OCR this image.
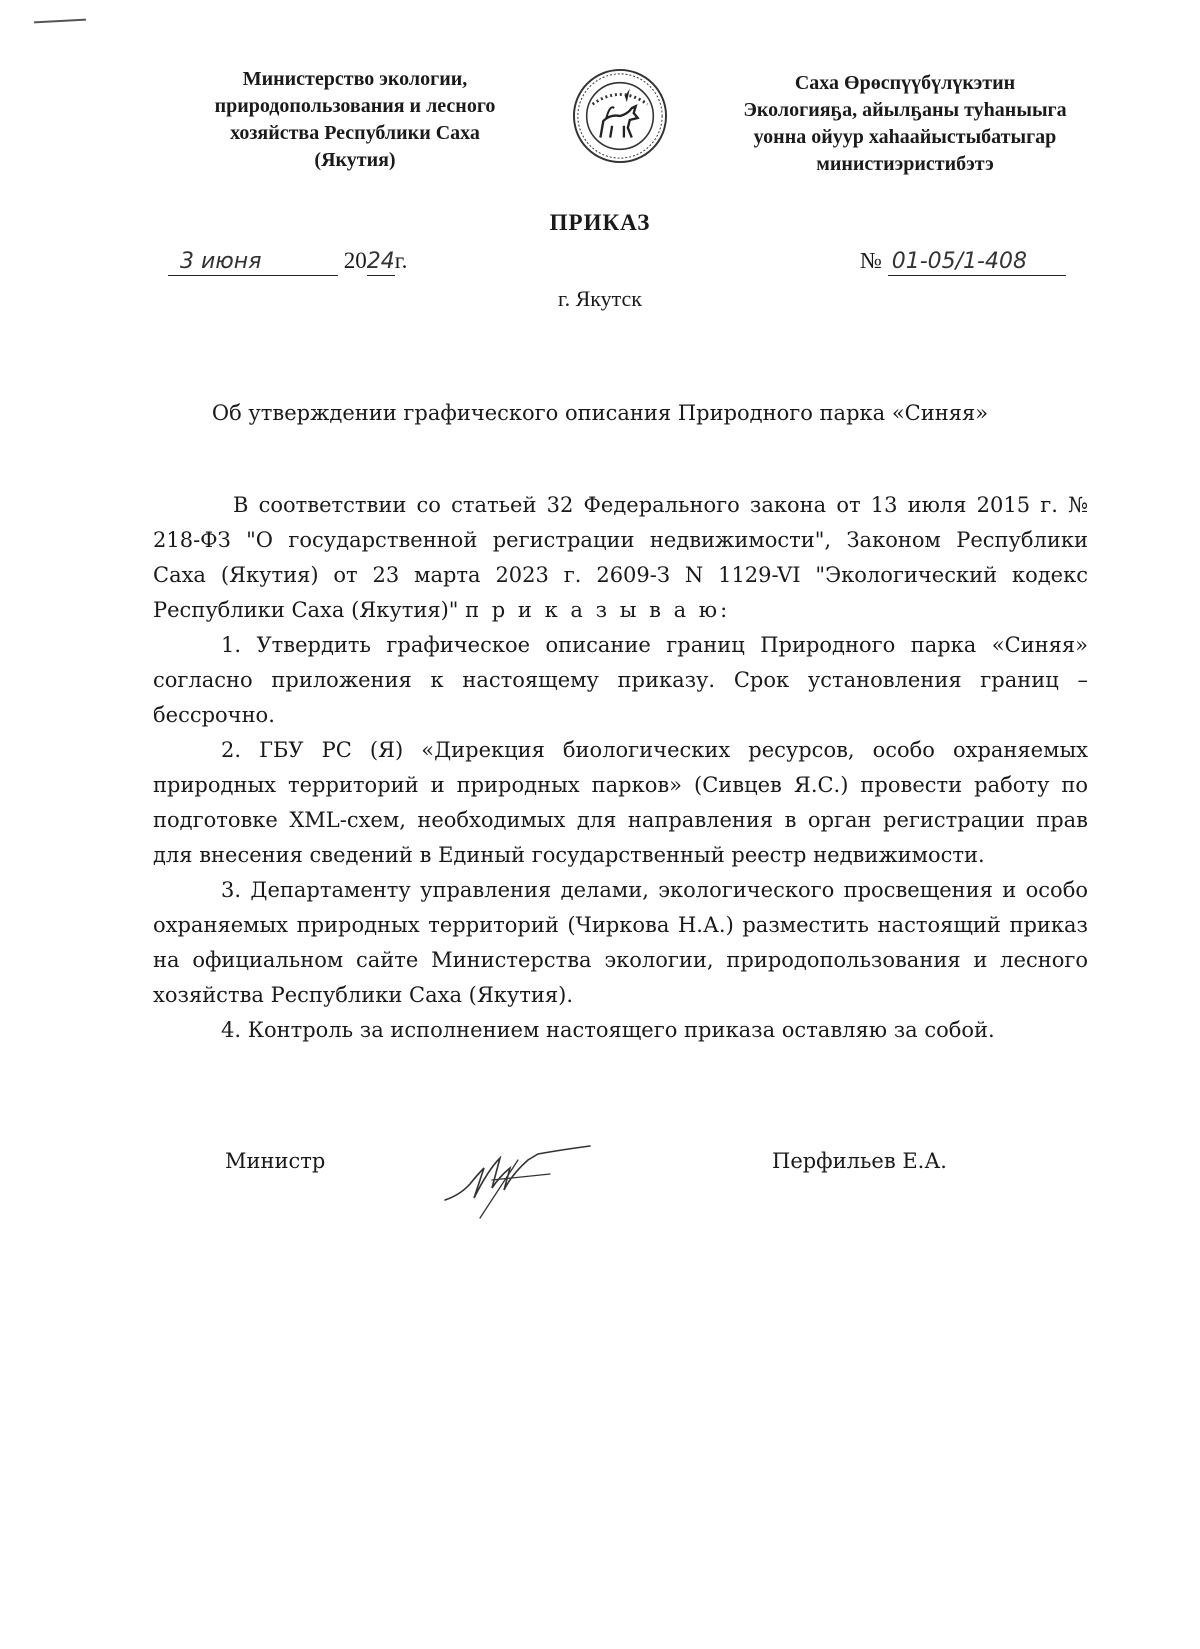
Министерство экологии,
природопользования и лесного
хозяйства Республики Саха
(Якутия)
Саха Өрөспүүбүлүкэтин
Экологияҕа, айылҕаны туһаныыга
уонна ойуур хаһаайыстыбатыгар
министиэристибэтэ
ПРИКАЗ
3 июня	2024г.	№ 01-05/1-408
г. Якутск
Об утверждении графического описания Природного парка «Синяя»

В соответствии со статьей 32 Федерального закона от 13 июля 2015 г. № 218-ФЗ "О государственной регистрации недвижимости", Законом Республики Саха (Якутия) от 23 марта 2023 г. 2609-З N 1129-VI "Экологический кодекс Республики Саха (Якутия)" п р и к а з ы в а ю:

1. Утвердить графическое описание границ Природного парка «Синяя» согласно приложения к настоящему приказу. Срок установления границ – бессрочно.

2. ГБУ РС (Я) «Дирекция биологических ресурсов, особо охраняемых природных территорий и природных парков» (Сивцев Я.С.) провести работу по подготовке XML-схем, необходимых для направления в орган регистрации прав для внесения сведений в Единый государственный реестр недвижимости.

3. Департаменту управления делами, экологического просвещения и особо охраняемых природных территорий (Чиркова Н.А.) разместить настоящий приказ на официальном сайте Министерства экологии, природопользования и лесного хозяйства Республики Саха (Якутия).

4. Контроль за исполнением настоящего приказа оставляю за собой.

Министр	Перфильев Е.А.
